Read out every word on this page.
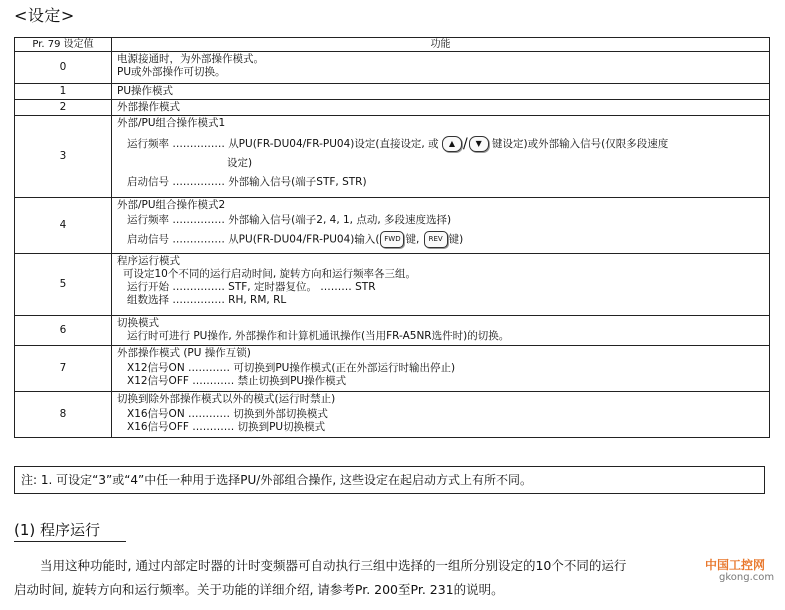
<设定>
Pr. 79 设定值	功能
0	电源接通时，为外部操作模式。
PU或外部操作可切换。

1	PU操作模式

2	外部操作模式

3	外部/PU组合操作模式1
运行频率 …………… 从PU(FR-DU04/FR-PU04)设定(直接设定, 或 ▲ / ▼ 键设定)或外部输入信号(仅限多段速度
设定)
启动信号 …………… 外部输入信号(端子STF, STR)

4	外部/PU组合操作模式2
运行频率 …………… 外部输入信号(端子2, 4, 1, 点动, 多段速度选择)
启动信号 …………… 从PU(FR-DU04/FR-PU04)输入( FWD 键, REV 键)

5	程序运行模式
可设定10个不同的运行启动时间, 旋转方向和运行频率各三组。
运行开始 …………… STF, 定时器复位。 ……… STR
组数选择 …………… RH, RM, RL

6	切换模式
运行时可进行 PU操作, 外部操作和计算机通讯操作(当用FR-A5NR选件时)的切换。

7	外部操作模式 (PU 操作互锁)
X12信号ON ………… 可切换到PU操作模式(正在外部运行时输出停止)
X12信号OFF ………… 禁止切换到PU操作模式

8	切换到除外部操作模式以外的模式(运行时禁止)
X16信号ON ………… 切换到外部切换模式
X16信号OFF ………… 切换到PU切换模式
注: 1. 可设定“3”或“4”中任一种用于选择PU/外部组合操作, 这些设定在起启动方式上有所不同。
(1) 程序运行
当用这种功能时, 通过内部定时器的计时变频器可自动执行三组中选择的一组所分别设定的10个不同的运行
启动时间, 旋转方向和运行频率。关于功能的详细介绍, 请参考Pr. 200至Pr. 231的说明。
中国工控网
gkong.com
